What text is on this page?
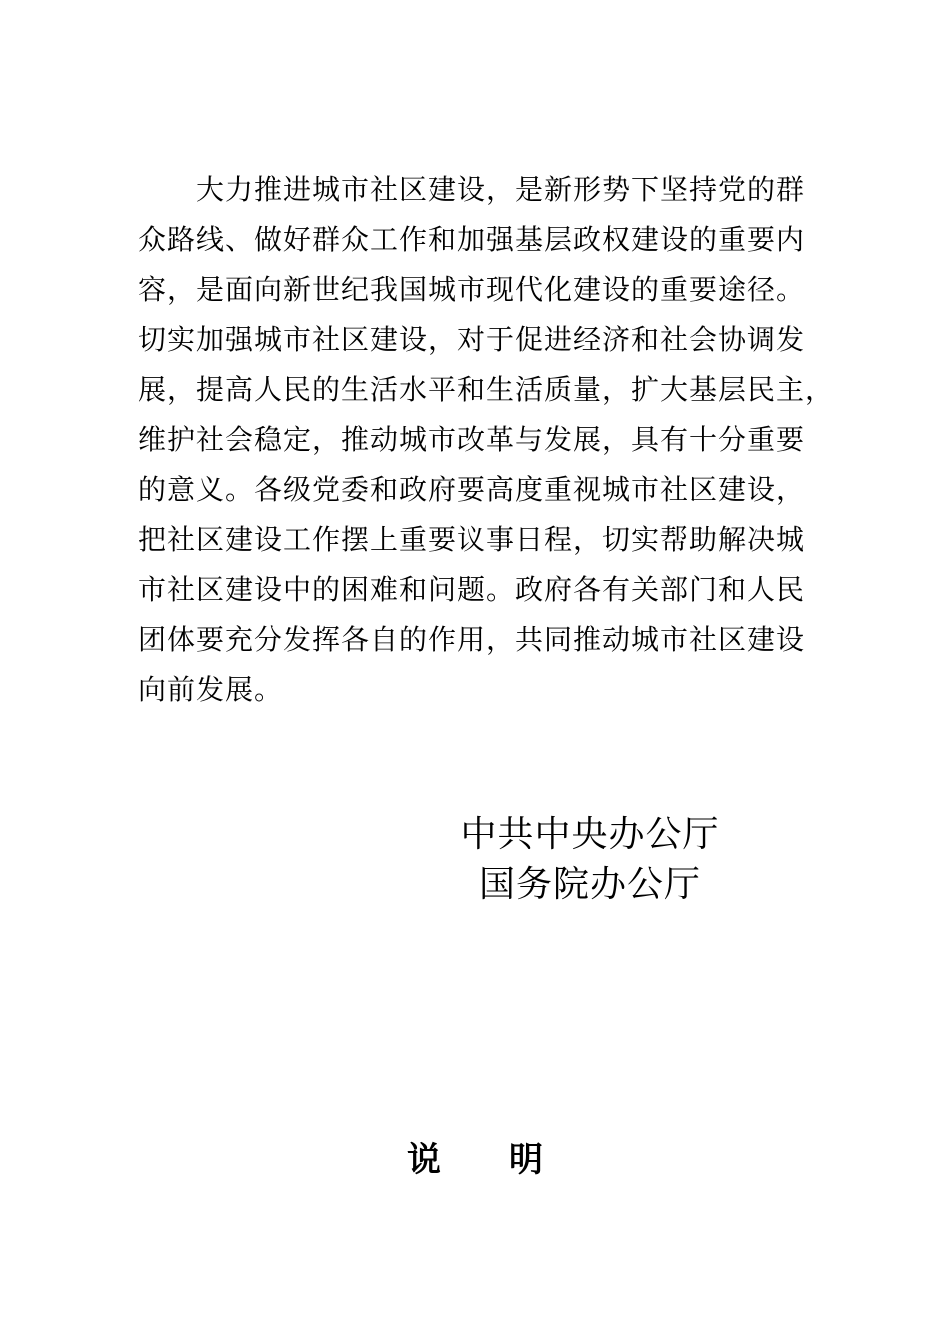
　　大力推进城市社区建设，是新形势下坚持党的群
众路线、做好群众工作和加强基层政权建设的重要内
容，是面向新世纪我国城市现代化建设的重要途径。
切实加强城市社区建设，对于促进经济和社会协调发
展，提高人民的生活水平和生活质量，扩大基层民主，
维护社会稳定，推动城市改革与发展，具有十分重要
的意义。各级党委和政府要高度重视城市社区建设，
把社区建设工作摆上重要议事日程，切实帮助解决城
市社区建设中的困难和问题。政府各有关部门和人民
团体要充分发挥各自的作用，共同推动城市社区建设
向前发展。
中共中央办公厅
国务院办公厅
说　　明
